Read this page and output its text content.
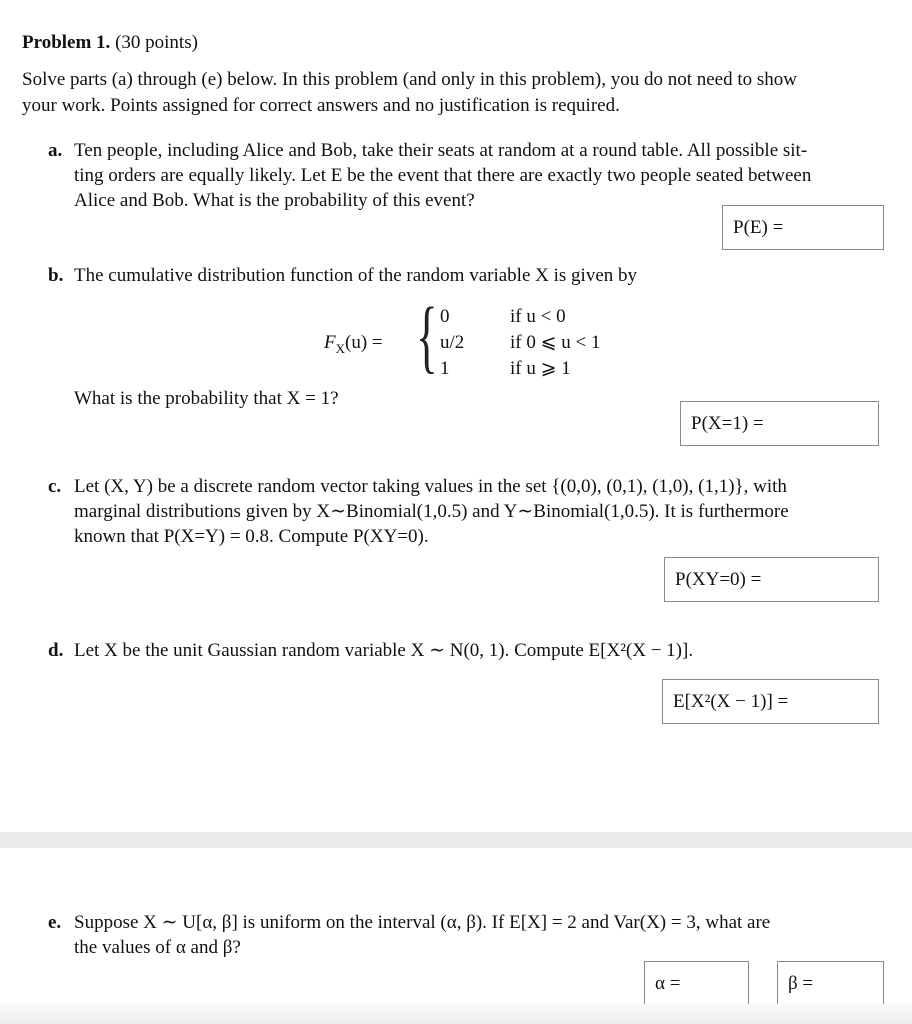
Problem 1. (30 points)
Solve parts (a) through (e) below. In this problem (and only in this problem), you do not need to show
your work. Points assigned for correct answers and no justification is required.
a. Ten people, including Alice and Bob, take their seats at random at a round table. All possible sit-
ting orders are equally likely. Let E be the event that there are exactly two people seated between
Alice and Bob. What is the probability of this event?
P(E) =
b. The cumulative distribution function of the random variable X is given by
$F_X(u)$ = { 0
u/2
1
if u < 0
if 0 ⩽ u < 1
if u ⩾ 1
What is the probability that X = 1?
P(X=1) =
c. Let (X, Y) be a discrete random vector taking values in the set {(0,0), (0,1), (1,0), (1,1)}, with
marginal distributions given by X∼Binomial(1,0.5) and Y∼Binomial(1,0.5). It is furthermore
known that P(X=Y) = 0.8. Compute P(XY=0).
P(XY=0) =
d. Let X be the unit Gaussian random variable X ∼ N(0, 1). Compute E[X²(X − 1)].
E[X²(X − 1)] =
e. Suppose X ∼ U[α, β] is uniform on the interval (α, β). If E[X] = 2 and Var(X) = 3, what are
the values of α and β?
α =	β =
